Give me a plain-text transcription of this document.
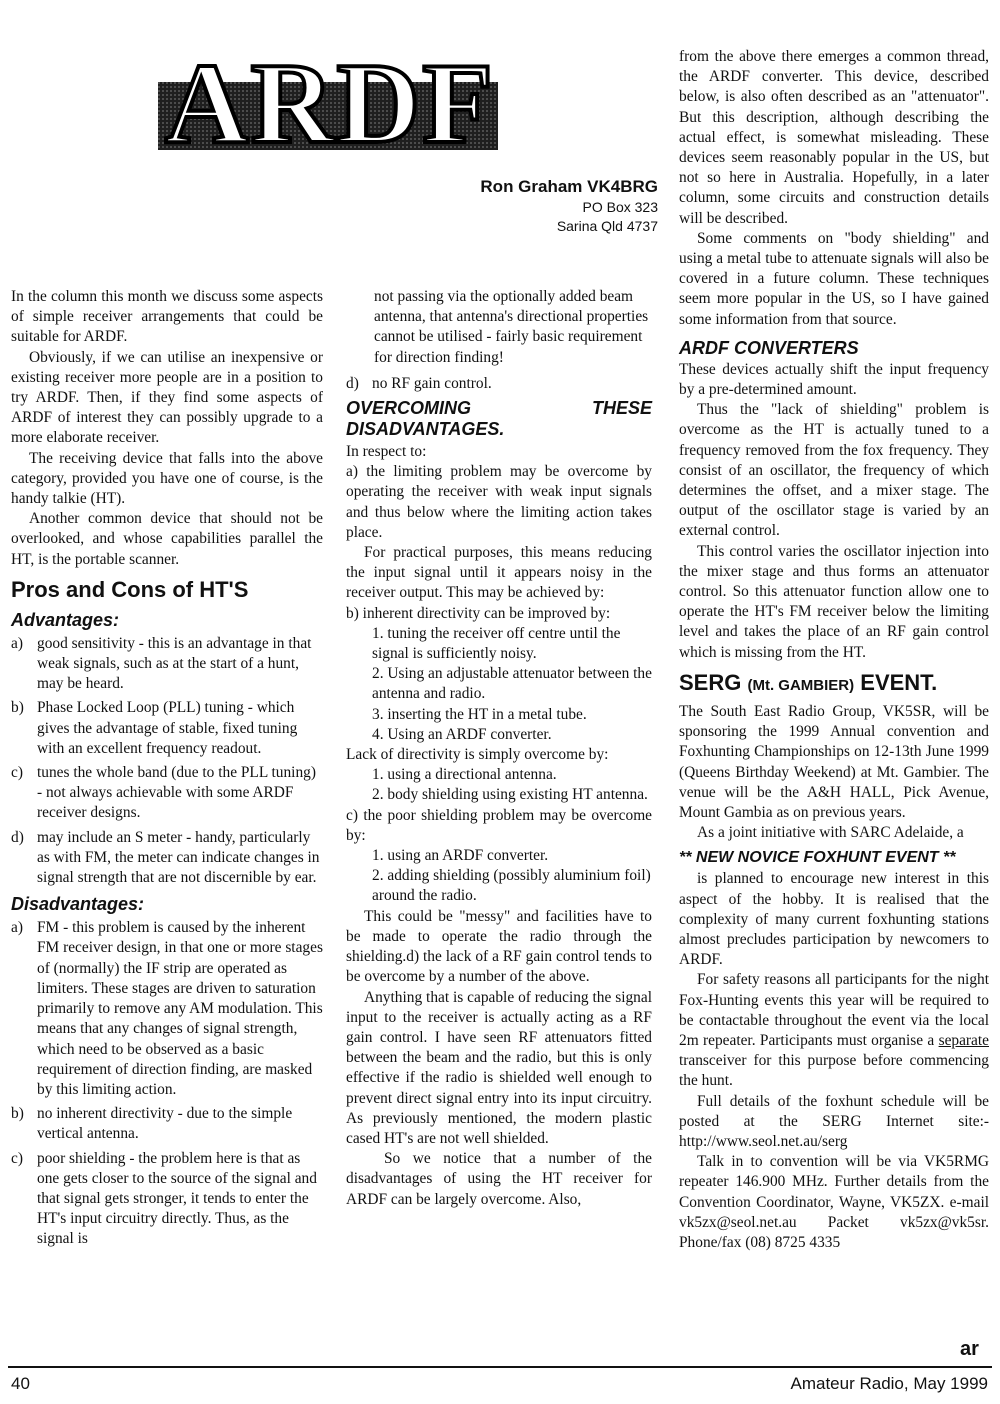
ARDF
Ron Graham VK4BRG
PO Box 323
Sarina Qld 4737

In the column this month we discuss some aspects of simple receiver arrangements that could be suitable for ARDF.

Obviously, if we can utilise an inexpensive or existing receiver more people are in a position to try ARDF. Then, if they find some aspects of ARDF of interest they can possibly upgrade to a more elaborate receiver.

The receiving device that falls into the above category, provided you have one of course, is the handy talkie (HT).

Another common device that should not be overlooked, and whose capabilities parallel the HT, is the portable scanner.

Pros and Cons of HT'S
Advantages:
a) good sensitivity - this is an advantage in that weak signals, such as at the start of a hunt, may be heard.
b) Phase Locked Loop (PLL) tuning - which gives the advantage of stable, fixed tuning with an excellent frequency readout.
c) tunes the whole band (due to the PLL tuning) - not always achievable with some ARDF receiver designs.
d) may include an S meter - handy, particularly as with FM, the meter can indicate changes in signal strength that are not discernible by ear.
Disadvantages:
a) FM - this problem is caused by the inherent FM receiver design, in that one or more stages of (normally) the IF strip are operated as limiters. These stages are driven to saturation primarily to remove any AM modulation. This means that any changes of signal strength, which need to be observed as a basic requirement of direction finding, are masked by this limiting action.
b) no inherent directivity - due to the simple vertical antenna.
c) poor shielding - the problem here is that as one gets closer to the source of the signal and that signal gets stronger, it tends to enter the HT's input circuitry directly. Thus, as the signal is

not passing via the optionally added beam antenna, that antenna's directional properties cannot be utilised - fairly basic requirement for direction finding!

d) no RF gain control.
OVERCOMING THESE DISADVANTAGES.

In respect to:

a) the limiting problem may be overcome by operating the receiver with weak input signals and thus below where the limiting action takes place.

For practical purposes, this means reducing the input signal until it appears noisy in the receiver output. This may be achieved by:

b) inherent directivity can be improved by:

1. tuning the receiver off centre until the signal is sufficiently noisy.

2. Using an adjustable attenuator between the antenna and radio.

3. inserting the HT in a metal tube.

4. Using an ARDF converter.

Lack of directivity is simply overcome by:

1. using a directional antenna.

2. body shielding using existing HT antenna.

c) the poor shielding problem may be overcome by:

1. using an ARDF converter.

2. adding shielding (possibly aluminium foil) around the radio.

This could be "messy" and facilities have to be made to operate the radio through the shielding.d) the lack of a RF gain control tends to be overcome by a number of the above.

Anything that is capable of reducing the signal input to the receiver is actually acting as a RF gain control. I have seen RF attenuators fitted between the beam and the radio, but this is only effective if the radio is shielded well enough to prevent direct signal entry into its input circuitry. As previously mentioned, the modern plastic cased HT's are not well shielded.

So we notice that a number of the disadvantages of using the HT receiver for ARDF can be largely overcome. Also,

from the above there emerges a common thread, the ARDF converter. This device, described below, is also often described as an "attenuator". But this description, although describing the actual effect, is somewhat misleading. These devices seem reasonably popular in the US, but not so here in Australia. Hopefully, in a later column, some circuits and construction details will be described.

Some comments on "body shielding" and using a metal tube to attenuate signals will also be covered in a future column. These techniques seem more popular in the US, so I have gained some information from that source.

ARDF CONVERTERS

These devices actually shift the input frequency by a pre-determined amount.

Thus the "lack of shielding" problem is overcome as the HT is actually tuned to a frequency removed from the fox frequency. They consist of an oscillator, the frequency of which determines the offset, and a mixer stage. The output of the oscillator stage is varied by an external control.

This control varies the oscillator injection into the mixer stage and thus forms an attenuator control. So this attenuator function allow one to operate the HT's FM receiver below the limiting level and takes the place of an RF gain control which is missing from the HT.

SERG (Mt. GAMBIER) EVENT.

The South East Radio Group, VK5SR, will be sponsoring the 1999 Annual convention and Foxhunting Championships on 12-13th June 1999 (Queens Birthday Weekend) at Mt. Gambier. The venue will be the A&H HALL, Pick Avenue, Mount Gambia as on previous years.

As a joint initiative with SARC Adelaide, a

** NEW NOVICE FOXHUNT EVENT **

is planned to encourage new interest in this aspect of the hobby. It is realised that the complexity of many current foxhunting stations almost precludes participation by newcomers to ARDF.

For safety reasons all participants for the night Fox-Hunting events this year will be required to be contactable throughout the event via the local 2m repeater. Participants must organise a separate transceiver for this purpose before commencing the hunt.

Full details of the foxhunt schedule will be posted at the SERG Internet site:- http://www.seol.net.au/serg

Talk in to convention will be via VK5RMG repeater 146.900 MHz. Further details from the Convention Coordinator, Wayne, VK5ZX. e-mail vk5zx@seol.net.au Packet vk5zx@vk5sr. Phone/fax (08) 8725 4335

ar
40	Amateur Radio, May 1999
